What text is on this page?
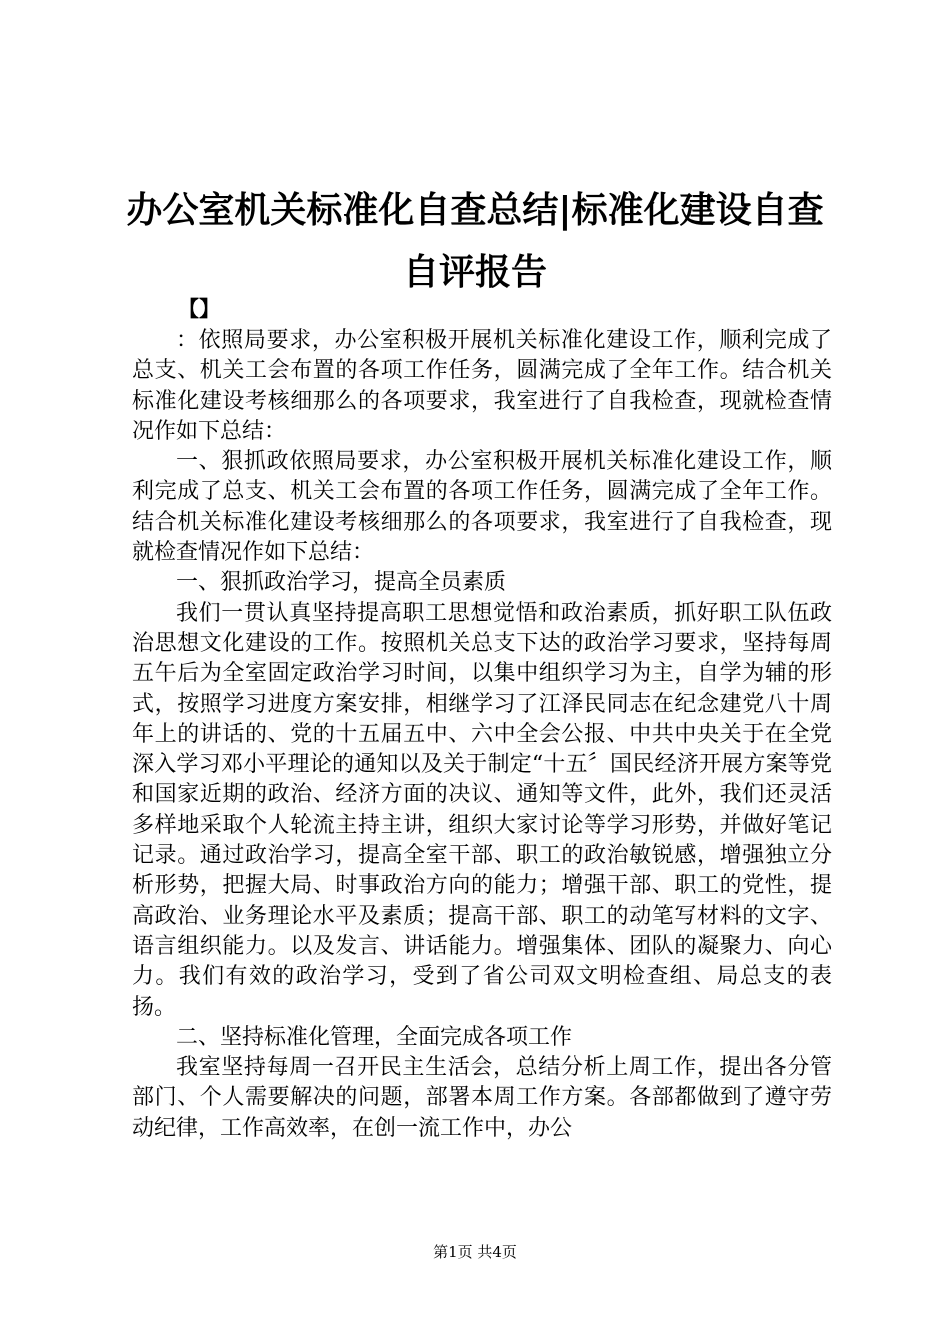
办公室机关标准化自查总结|标准化建设自查自评报告
【】

：依照局要求，办公室积极开展机关标准化建设工作，顺利完成了总支、机关工会布置的各项工作任务，圆满完成了全年工作。结合机关标准化建设考核细那么的各项要求，我室进行了自我检查，现就检查情况作如下总结：

一、狠抓政依照局要求，办公室积极开展机关标准化建设工作，顺利完成了总支、机关工会布置的各项工作任务，圆满完成了全年工作。结合机关标准化建设考核细那么的各项要求，我室进行了自我检查，现就检查情况作如下总结：

一、狠抓政治学习，提高全员素质

我们一贯认真坚持提高职工思想觉悟和政治素质，抓好职工队伍政治思想文化建设的工作。按照机关总支下达的政治学习要求，坚持每周五午后为全室固定政治学习时间，以集中组织学习为主，自学为辅的形式，按照学习进度方案安排，相继学习了江泽民同志在纪念建党八十周年上的讲话的、党的十五届五中、六中全会公报、中共中央关于在全党深入学习邓小平理论的通知以及关于制定“十五〞国民经济开展方案等党和国家近期的政治、经济方面的决议、通知等文件，此外，我们还灵活多样地采取个人轮流主持主讲，组织大家讨论等学习形势，并做好笔记记录。通过政治学习，提高全室干部、职工的政治敏锐感，增强独立分析形势，把握大局、时事政治方向的能力；增强干部、职工的党性，提高政治、业务理论水平及素质；提高干部、职工的动笔写材料的文字、语言组织能力。以及发言、讲话能力。增强集体、团队的凝聚力、向心力。我们有效的政治学习，受到了省公司双文明检查组、局总支的表扬。

二、坚持标准化管理，全面完成各项工作

我室坚持每周一召开民主生活会，总结分析上周工作，提出各分管部门、个人需要解决的问题，部署本周工作方案。各部都做到了遵守劳动纪律，工作高效率，在创一流工作中，办公

第1页 共4页
